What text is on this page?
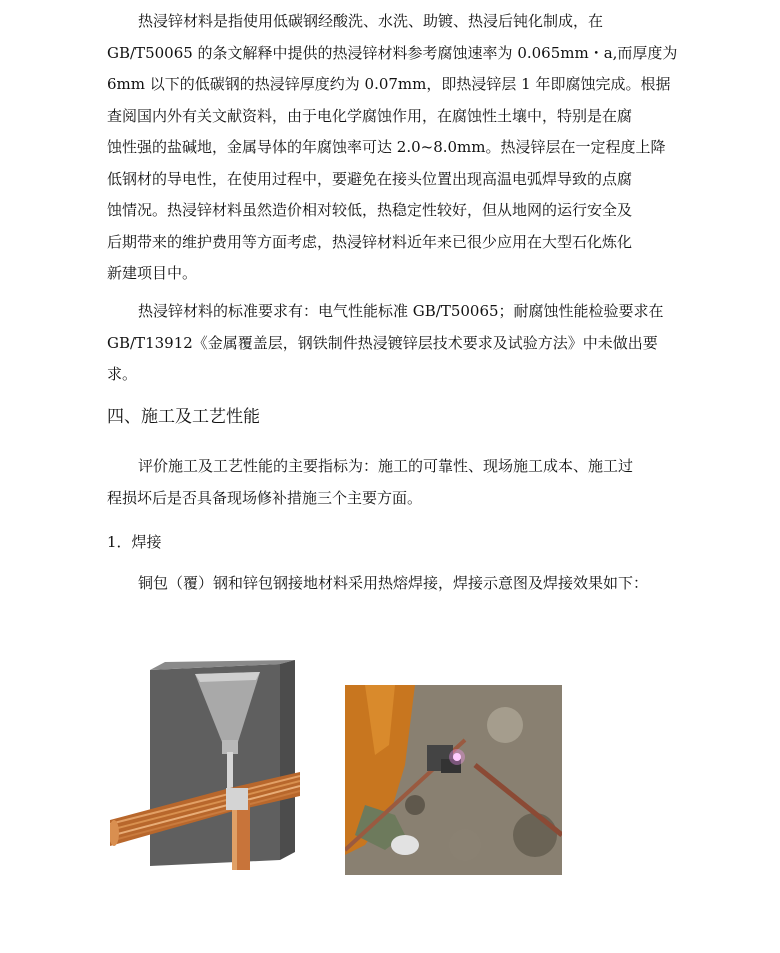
热浸锌材料是指使用低碳钢经酸洗、水洗、助镀、热浸后钝化制成，在

GB/T50065 的条文解释中提供的热浸锌材料参考腐蚀速率为 0.065mm・a,而厚度为

6mm 以下的低碳钢的热浸锌厚度约为 0.07mm，即热浸锌层 1 年即腐蚀完成。根据

查阅国内外有关文献资料，由于电化学腐蚀作用，在腐蚀性土壤中，特别是在腐

蚀性强的盐碱地，金属导体的年腐蚀率可达 2.0~8.0mm。热浸锌层在一定程度上降

低钢材的导电性，在使用过程中，要避免在接头位置出现高温电弧焊导致的点腐

蚀情况。热浸锌材料虽然造价相对较低，热稳定性较好，但从地网的运行安全及

后期带来的维护费用等方面考虑，热浸锌材料近年来已很少应用在大型石化炼化

新建项目中。

热浸锌材料的标准要求有：电气性能标准 GB/T50065；耐腐蚀性能检验要求在

GB/T13912《金属覆盖层，钢铁制件热浸镀锌层技术要求及试验方法》中未做出要

求。

四、施工及工艺性能

评价施工及工艺性能的主要指标为：施工的可靠性、现场施工成本、施工过

程损坏后是否具备现场修补措施三个主要方面。

1．焊接

铜包（覆）钢和锌包钢接地材料采用热熔焊接，焊接示意图及焊接效果如下：
